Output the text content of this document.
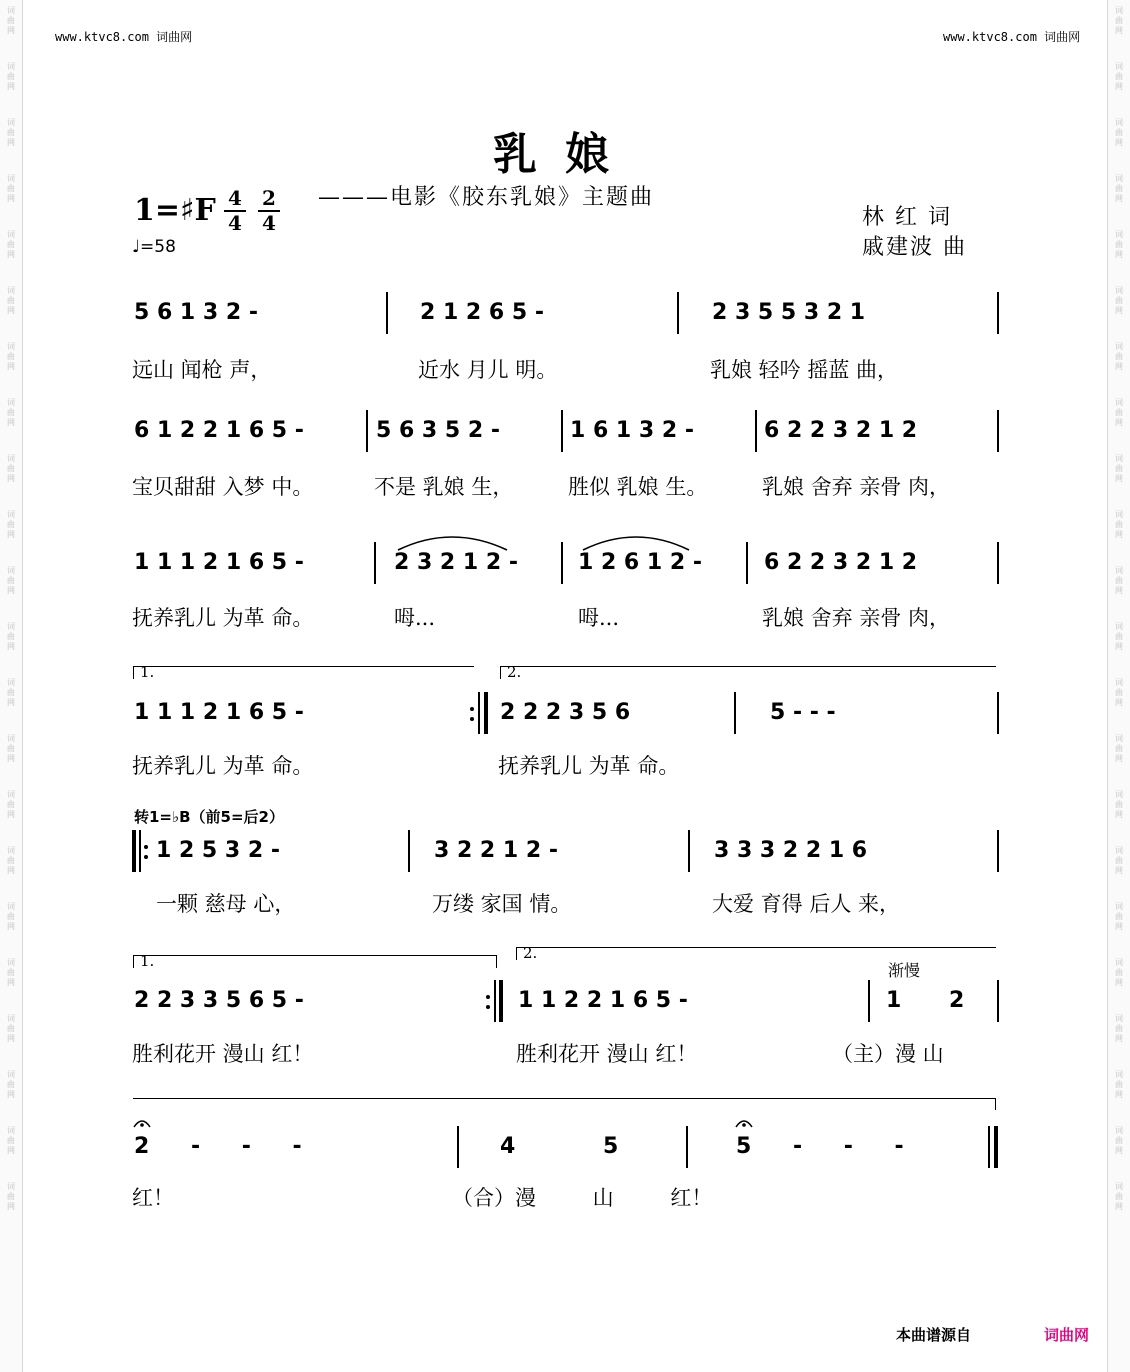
词
曲
网
词
曲
网
词
曲
网
词
曲
网
词
曲
网
词
曲
网
词
曲
网
词
曲
网
词
曲
网
词
曲
网
词
曲
网
词
曲
网
词
曲
网
词
曲
网
词
曲
网
词
曲
网
词
曲
网
词
曲
网
词
曲
网
词
曲
网
词
曲
网
词
曲
网
词
曲
网
词
曲
网
词
曲
网
词
曲
网
词
曲
网
词
曲
网
词
曲
网
词
曲
网
词
曲
网
词
曲
网
词
曲
网
词
曲
网
词
曲
网
词
曲
网
词
曲
网
词
曲
网
词
曲
网
词
曲
网
词
曲
网
词
曲
网
词
曲
网
词
曲
网
www.ktvc8.com 词曲网	www.ktvc8.com 词曲网
乳娘
———电影《胶东乳娘》主题曲
1=♯F 4
4
2
4
♩=58
林 红 词
戚建波 曲
5 6 1 3 2 -	2 1 2 6 5 -	2 3 5 5 3 2 1
远山 闻枪 声，	近水 月儿 明。	乳娘 轻吟 摇蓝 曲，
6 1 2 2 1 6 5 -	5 6 3 5 2 -	1 6 1 3 2 -	6 2 2 3 2 1 2
宝贝甜甜 入梦 中。	不是 乳娘 生，	胜似 乳娘 生。	乳娘 舍弃 亲骨 肉，
1 1 1 2 1 6 5 -	2 3 2 1 2 -	1 2 6 1 2 -	6 2 2 3 2 1 2
抚养乳儿 为革 命。	呣...	呣...	乳娘 舍弃 亲骨 肉，
1.	2.
1 1 1 2 1 6 5 -	2 2 2 3 5 6	5 - - -
抚养乳儿 为革 命。	抚养乳儿 为革 命。
转1=♭B（前5=后2）
1 2 5 3 2 -	3 2 2 1 2 -	3 3 3 2 2 1 6
一颗 慈母 心，	万缕 家国 情。	大爱 育得 后人 来，
1.	2.
渐慢
2 2 3 3 5 6 5 -	1 1 2 2 1 6 5 -	1 2
胜利花开 漫山 红！	胜利花开 漫山 红！	（主）漫 山
2 - - -	4 5	5 - - -
红！	（合）漫 山 红！
本曲谱源自	词曲网
